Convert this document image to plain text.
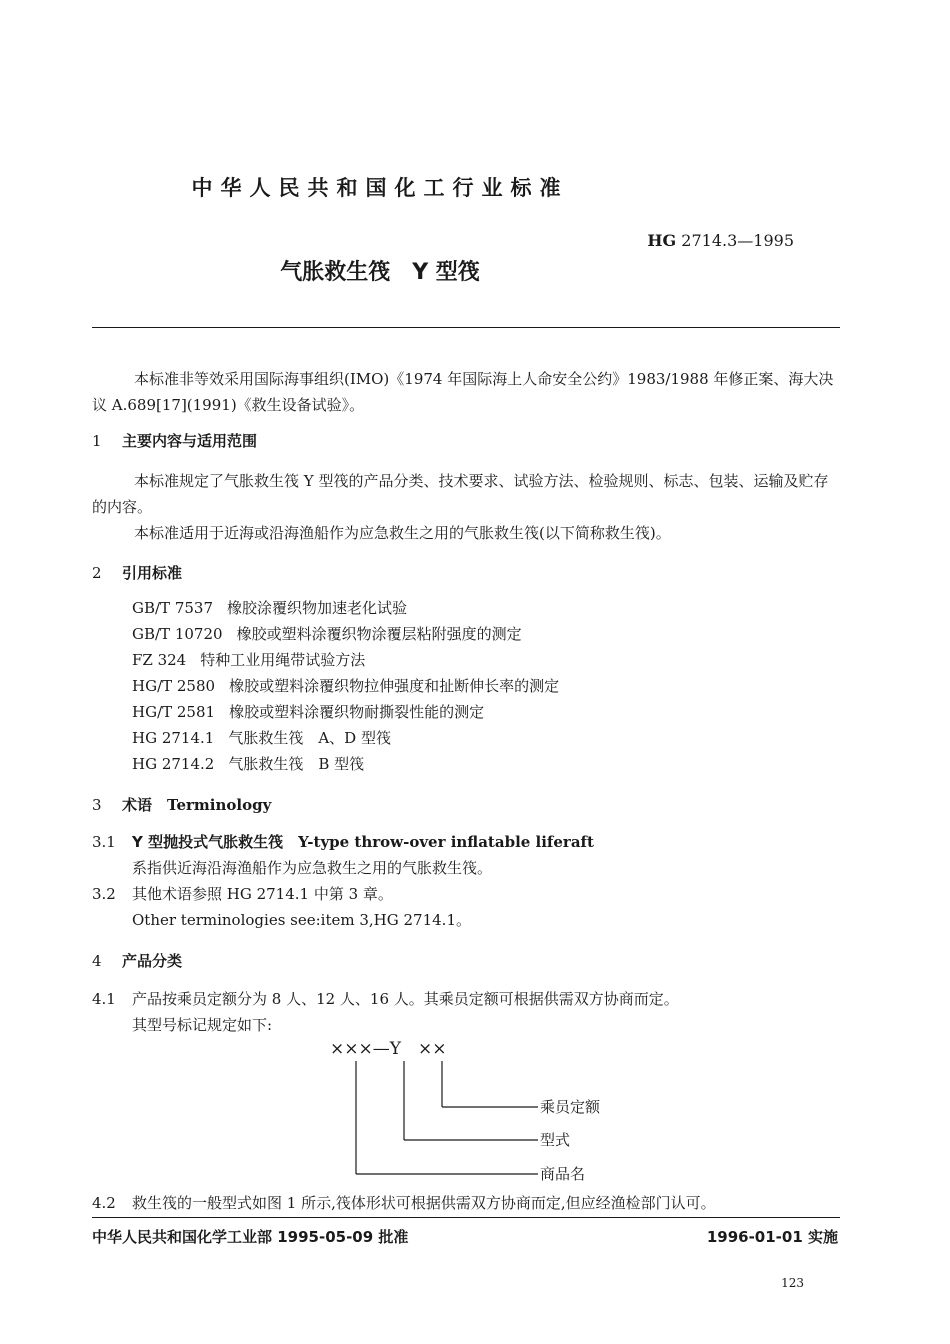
中华人民共和国化工行业标准
HG 2714.3—1995
气胀救生筏　Y 型筏
本标准非等效采用国际海事组织(IMO)《1974 年国际海上人命安全公约》1983/1988 年修正案、海大决议 A.689[17](1991)《救生设备试验》。
1 主要内容与适用范围
本标准规定了气胀救生筏 Y 型筏的产品分类、技术要求、试验方法、检验规则、标志、包装、运输及贮存的内容。
本标准适用于近海或沿海渔船作为应急救生之用的气胀救生筏(以下简称救生筏)。
2 引用标准
GB/T 7537 橡胶涂覆织物加速老化试验
GB/T 10720 橡胶或塑料涂覆织物涂覆层粘附强度的测定
FZ 324 特种工业用绳带试验方法
HG/T 2580 橡胶或塑料涂覆织物拉伸强度和扯断伸长率的测定
HG/T 2581 橡胶或塑料涂覆织物耐撕裂性能的测定
HG 2714.1 气胀救生筏　A、D 型筏
HG 2714.2 气胀救生筏　B 型筏
3 术语　 Terminology
3.1 Y 型抛投式气胀救生筏　 Y-type throw-over inflatable liferaft
系指供近海沿海渔船作为应急救生之用的气胀救生筏。
3.2 其他术语参照 HG 2714.1 中第 3 章。
Other terminologies see:item 3,HG 2714.1。
4 产品分类
4.1 产品按乘员定额分为 8 人、12 人、16 人。其乘员定额可根据供需双方协商而定。
其型号标记规定如下:
×××—Y　××
乘员定额
型式
商品名
4.2 救生筏的一般型式如图 1 所示,筏体形状可根据供需双方协商而定,但应经渔检部门认可。
中华人民共和国化学工业部 1995-05-09 批准	1996-01-01 实施
123
